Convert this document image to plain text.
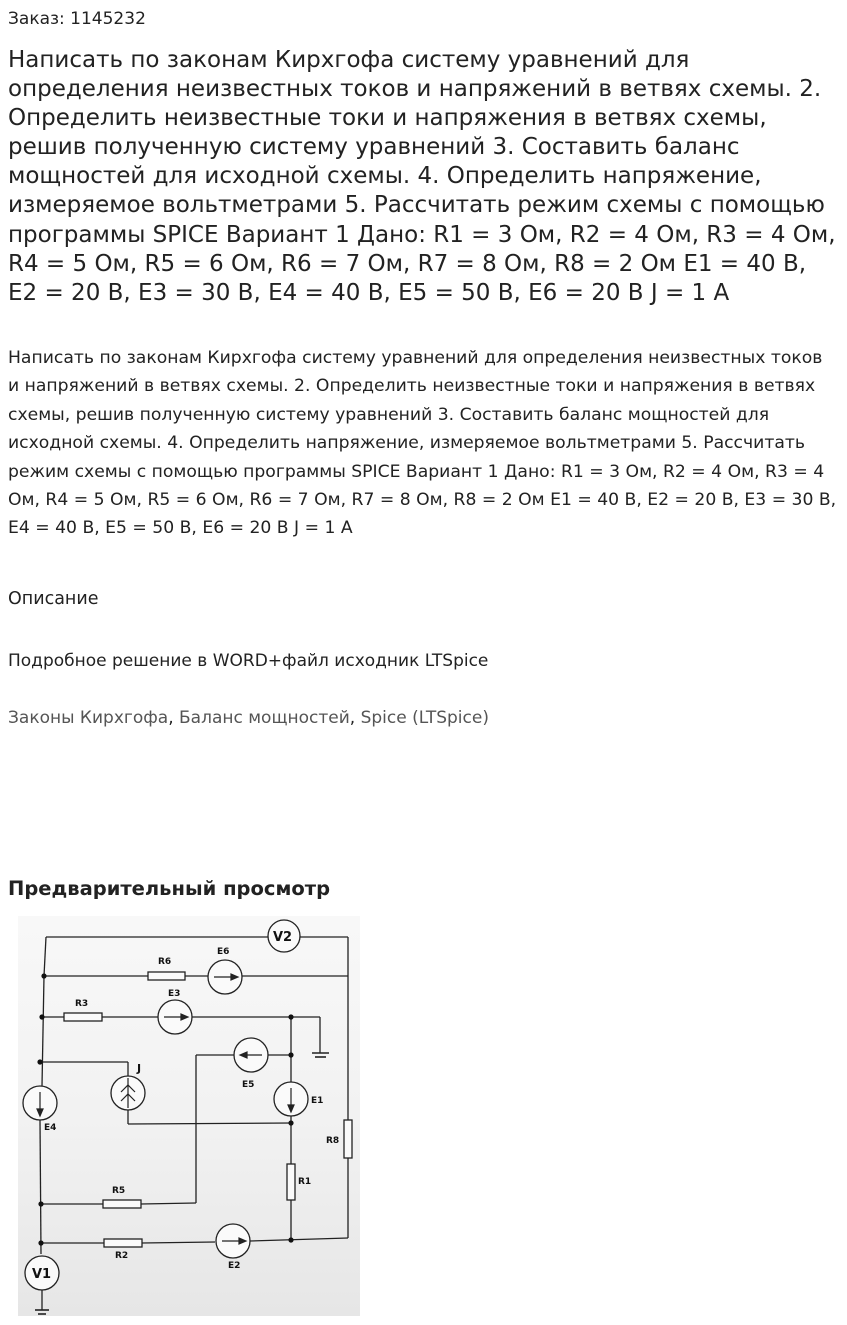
Заказ: 1145232
Написать по законам Кирхгофа систему уравнений для определения неизвестных токов и напряжений в ветвях схемы. 2. Определить неизвестные токи и напряжения в ветвях схемы, решив полученную систему уравнений 3. Составить баланс мощностей для исходной схемы. 4. Определить напряжение, измеряемое вольтметрами 5. Рассчитать режим схемы с помощью программы SPICE Вариант 1 Дано: R1 = 3 Ом, R2 = 4 Ом, R3 = 4 Ом, R4 = 5 Ом, R5 = 6 Ом, R6 = 7 Ом, R7 = 8 Ом, R8 = 2 Ом E1 = 40 В, E2 = 20 В, E3 = 30 В, E4 = 40 В, E5 = 50 В, E6 = 20 В J = 1 А

Написать по законам Кирхгофа систему уравнений для определения неизвестных токов и напряжений в ветвях схемы. 2. Определить неизвестные токи и напряжения в ветвях схемы, решив полученную систему уравнений 3. Составить баланс мощностей для исходной схемы. 4. Определить напряжение, измеряемое вольтметрами 5. Рассчитать режим схемы с помощью программы SPICE Вариант 1 Дано: R1 = 3 Ом, R2 = 4 Ом, R3 = 4 Ом, R4 = 5 Ом, R5 = 6 Ом, R6 = 7 Ом, R7 = 8 Ом, R8 = 2 Ом E1 = 40 В, E2 = 20 В, E3 = 30 В, E4 = 40 В, E5 = 50 В, E6 = 20 В J = 1 А

Описание
Подробное решение в WORD+файл исходник LTSpice
Законы Кирхгофа, Баланс мощностей, Spice (LTSpice)
Предварительный просмотр
V2
R6
E6
R3
E3
E5
J
E1
E4
R8
R1
R5
R2
E2
V1
